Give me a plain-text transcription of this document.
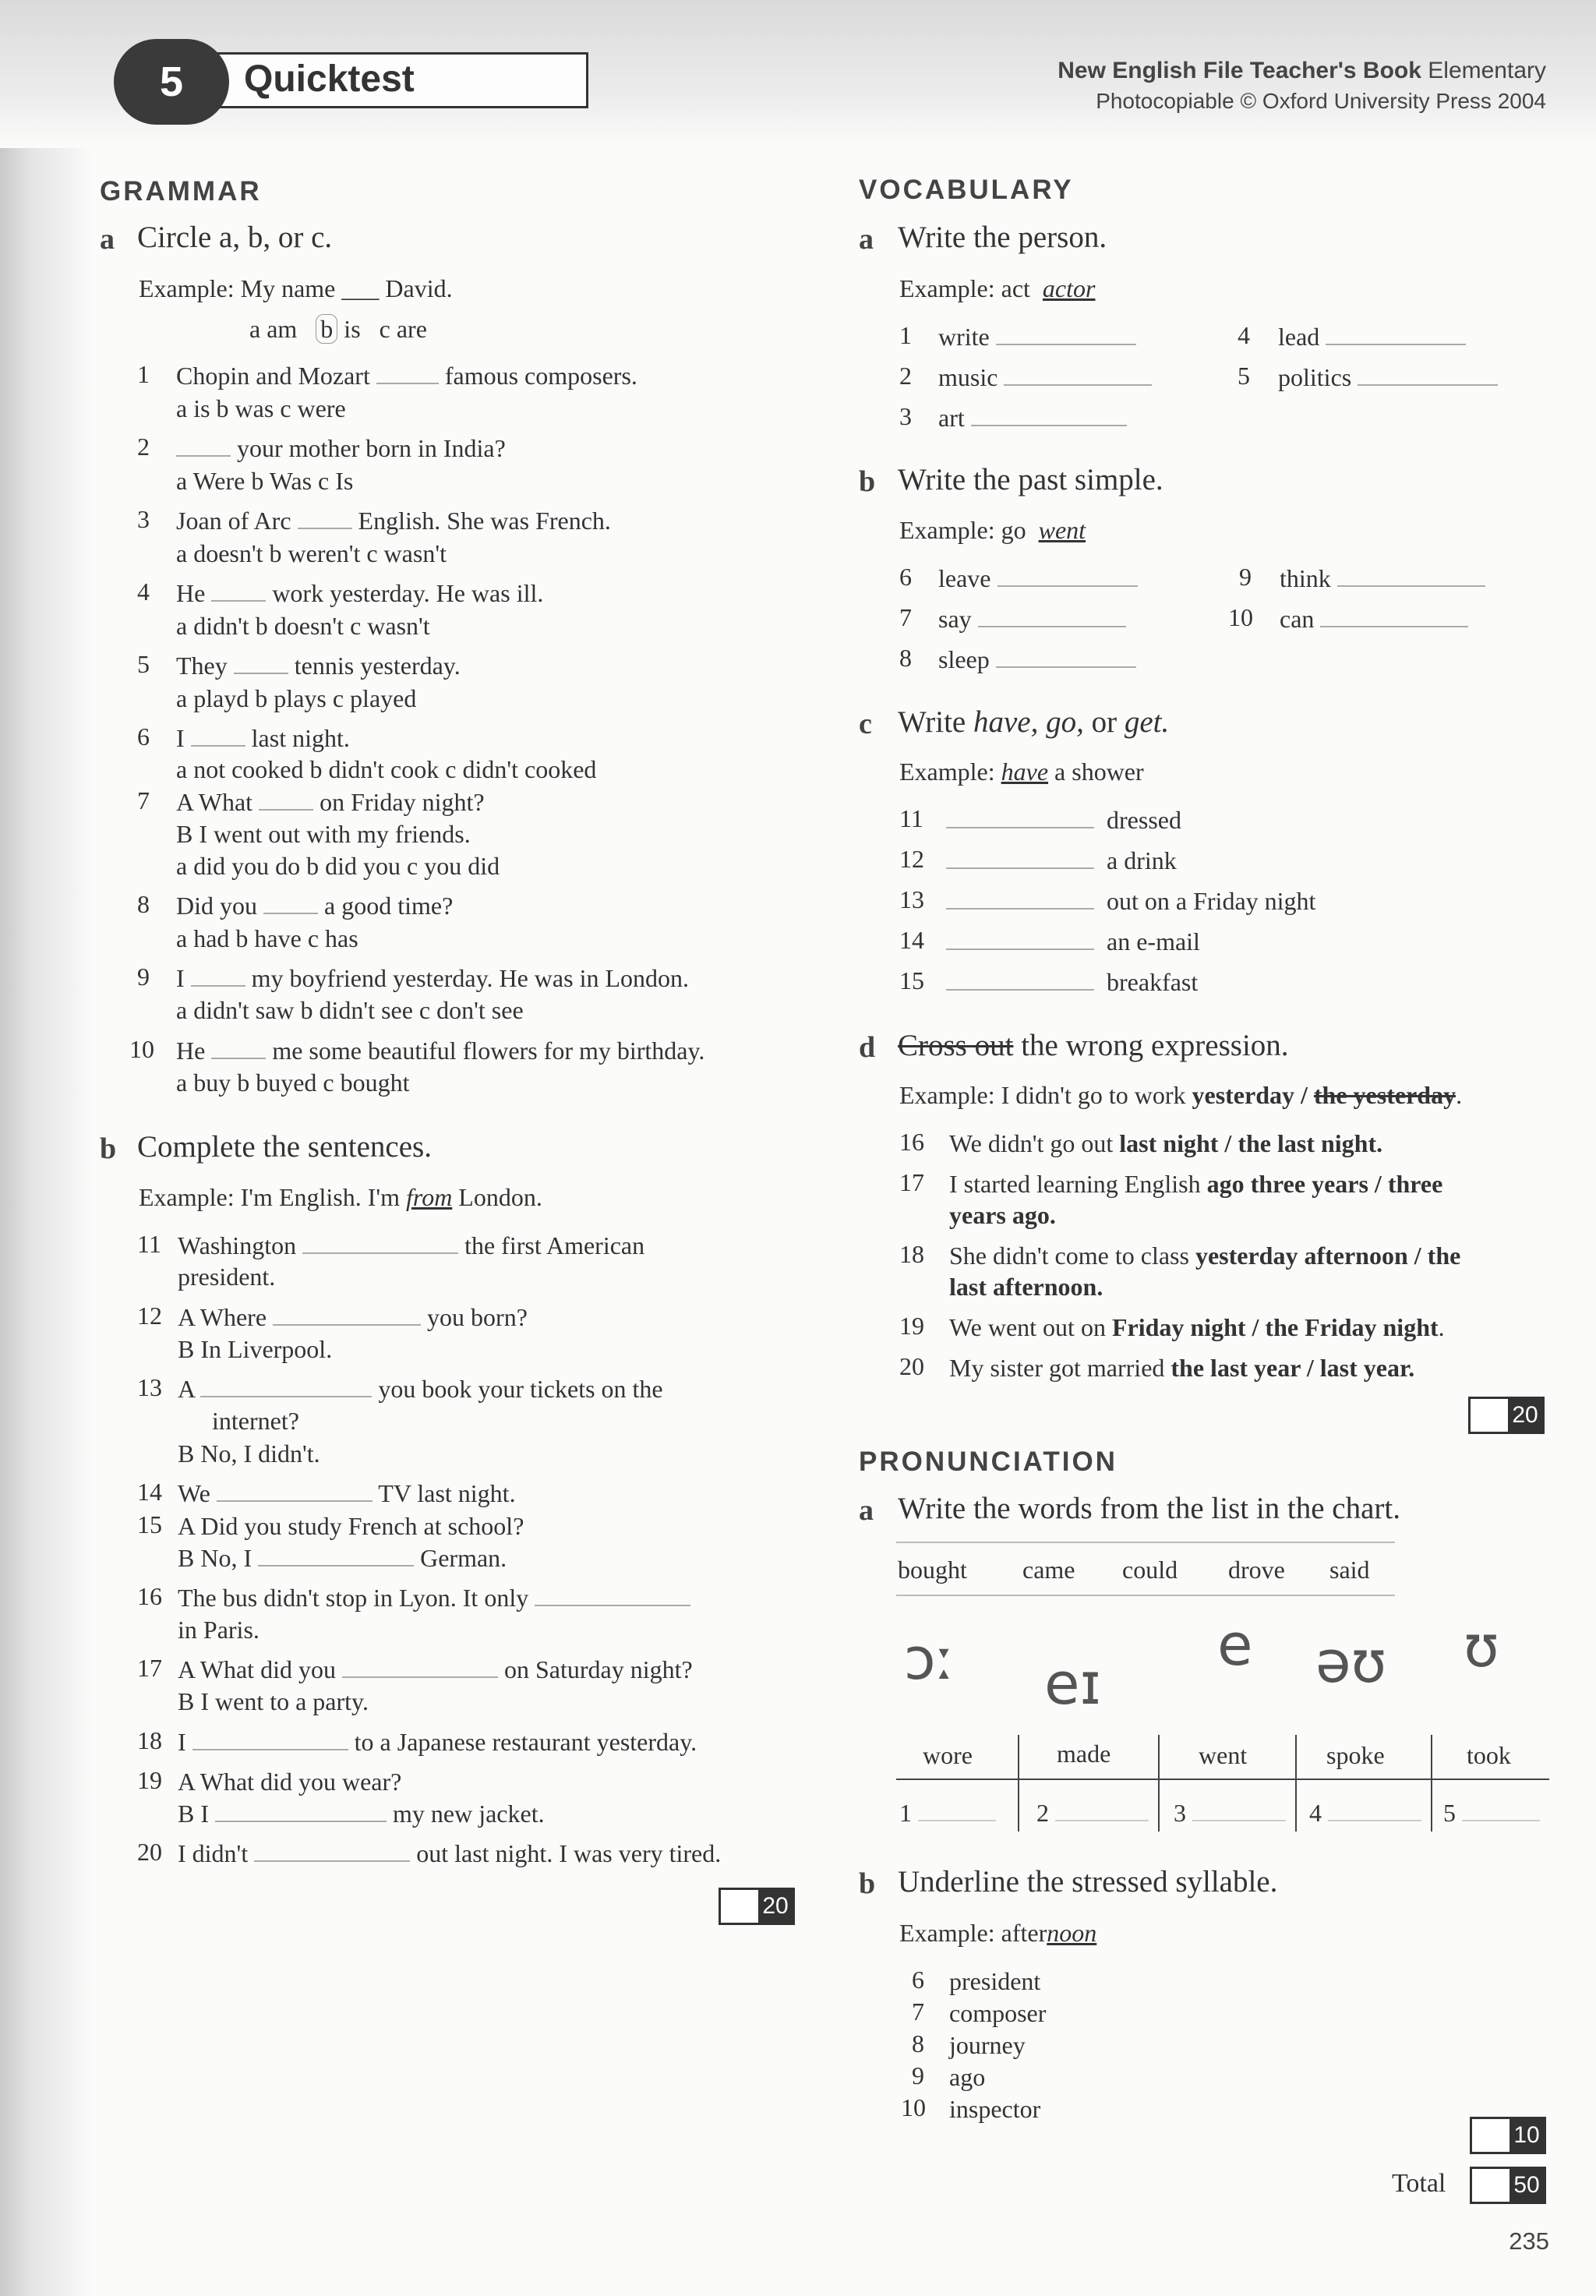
5	Quicktest	New English File Teacher's Book Elementary
Photocopiable © Oxford University Press 2004
GRAMMAR
a Circle a, b, or c.
Example: My name ___ David.
a am b is c are
1 Chopin and Mozart	famous composers.
a is b was c were
2	your mother born in India?
a Were b Was c Is
3 Joan of Arc	English. She was French.
a doesn't b weren't c wasn't
4 He	work yesterday. He was ill.
a didn't b doesn't c wasn't
5 They	tennis yesterday.
a playd b plays c played
6 I	last night.
a not cooked b didn't cook c didn't cooked
7 A What	on Friday night?
B I went out with my friends.
a did you do b did you c you did
8 Did you	a good time?
a had b have c has
9 I	my boyfriend yesterday. He was in London.
a didn't saw b didn't see c don't see
10 He	me some beautiful flowers for my birthday.
a buy b buyed c bought
b Complete the sentences.
Example: I'm English. I'm from London.
11 Washington	the first American
president.
12 A Where	you born?
B In Liverpool.
13 A	you book your tickets on the
internet?
B No, I didn't.
14 We	TV last night.
15 A Did you study French at school?
B No, I	German.
16 The bus didn't stop in Lyon. It only
in Paris.
17 A What did you	on Saturday night?
B I went to a party.
18 I	to a Japanese restaurant yesterday.
19 A What did you wear?
B I	my new jacket.
20 I didn't	out last night. I was very tired.
20
VOCABULARY
a Write the person.
Example: act actor
1 write
2 music
3 art
4 lead
5 politics
b Write the past simple.
Example: go went
6 leave
7 say
8 sleep
9 think
10 can
c Write have, go, or get.
Example: have a shower
11	dressed
12	a drink
13	out on a Friday night
14	an e-mail
15	breakfast
d Cross out the wrong expression.
Example: I didn't go to work yesterday / the yesterday.
16 We didn't go out last night / the last night.
17 I started learning English ago three years / three
years ago.
18 She didn't come to class yesterday afternoon / the
last afternoon.
19 We went out on Friday night / the Friday night.
20 My sister got married the last year / last year.
20
PRONUNCIATION
a Write the words from the list in the chart.
bought came could drove said
ɔː eɪ
e əʊ ʊ
wore	made	went	spoke	took
1	2	3	4	5
b Underline the stressed syllable.
Example: afternoon
6 president
7 composer
8 journey
9 ago
10 inspector
10
Total	50
235
